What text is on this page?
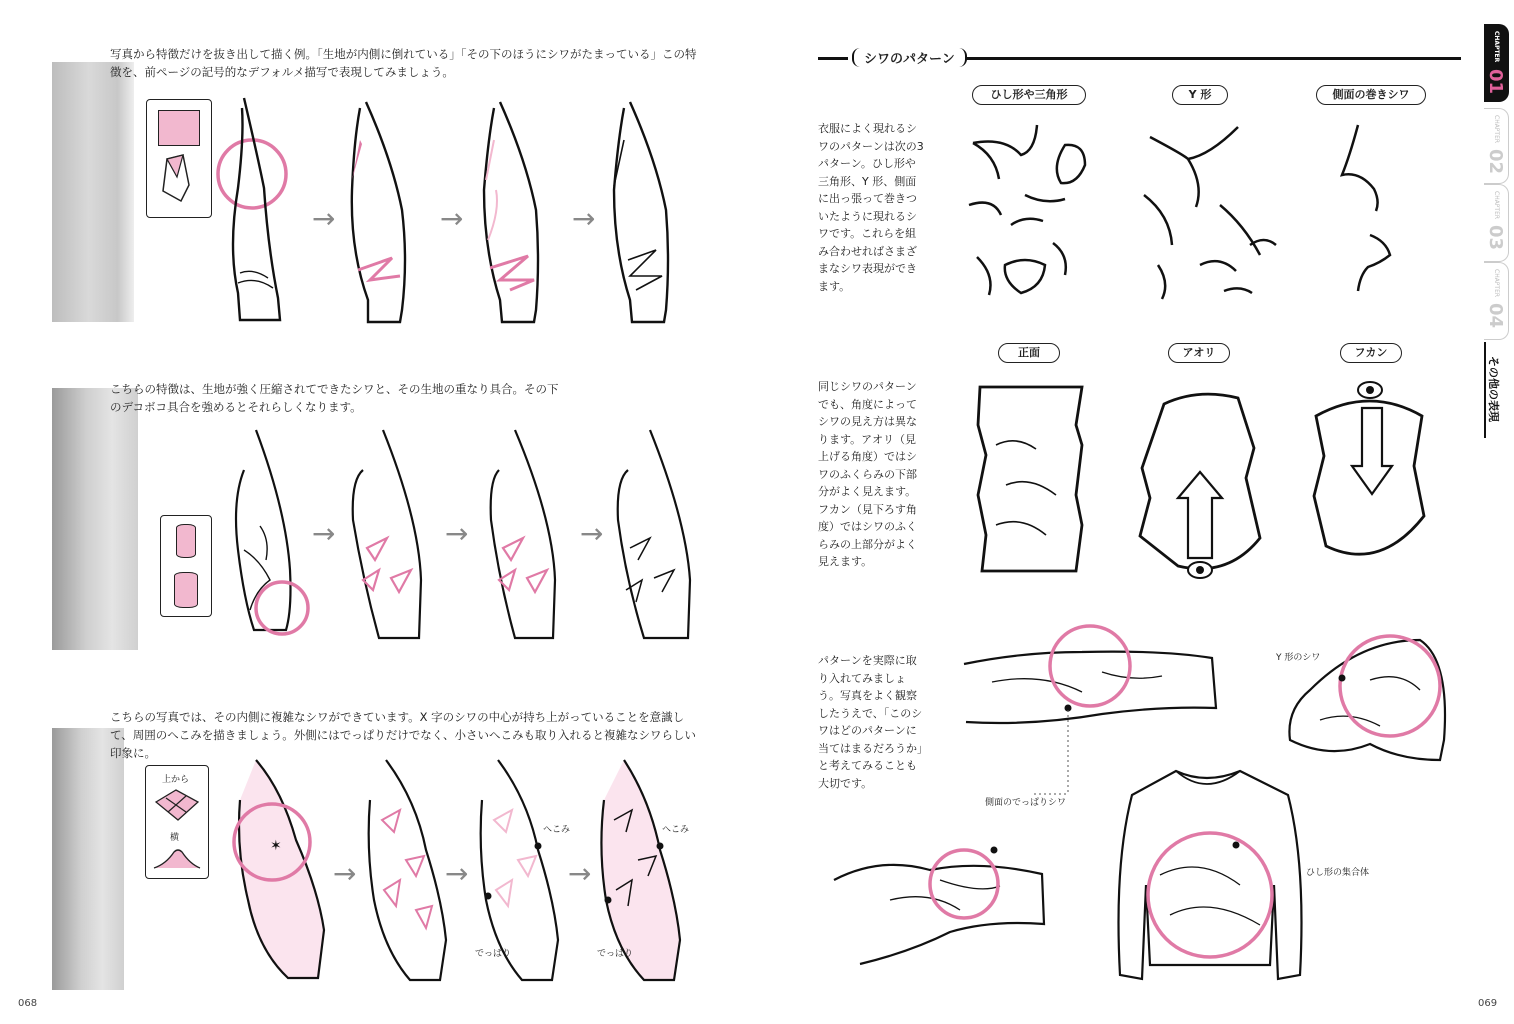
写真から特徴だけを抜き出して描く例。「生地が内側に倒れている」「その下のほうにシワがたまっている」この特徴を、前ページの記号的なデフォルメ描写で表現してみましょう。
→	→	→
こちらの特徴は、生地が強く圧縮されてできたシワと、その生地の重なり具合。その下のデコボコ具合を強めるとそれらしくなります。
→	→	→
こちらの写真では、その内側に複雑なシワができています。X 字のシワの中心が持ち上がっていることを意識して、周囲のへこみを描きましょう。外側にはでっぱりだけでなく、小さいへこみも取り入れると複雑なシワらしい印象に。
上から
横	✶
→	→
へこみ
でっぱり
→
へこみ
でっぱり
068
シワのパターン
ひし形や三角形	Y 形	側面の巻きシワ
衣服によく現れるシワのパターンは次の3 パターン。ひし形や三角形、Y 形、側面に出っ張って巻きついたように現れるシワです。これらを組み合わせればさまざまなシワ表現ができます。
正面	アオリ	フカン
同じシワのパターンでも、角度によってシワの見え方は異なります。アオリ（見上げる角度）ではシワのふくらみの下部分がよく見えます。フカン（見下ろす角度）ではシワのふくらみの上部分がよく見えます。
パターンを実際に取り入れてみましょう。写真をよく観察したうえで、「このシワはどのパターンに当てはまるだろうか」と考えてみることも大切です。
Y 形のシワ
側面のでっぱりシワ
ひし形の集合体
069
CHAPTER
01
CHAPTER
02
CHAPTER
03
CHAPTER
04
その他の表現
